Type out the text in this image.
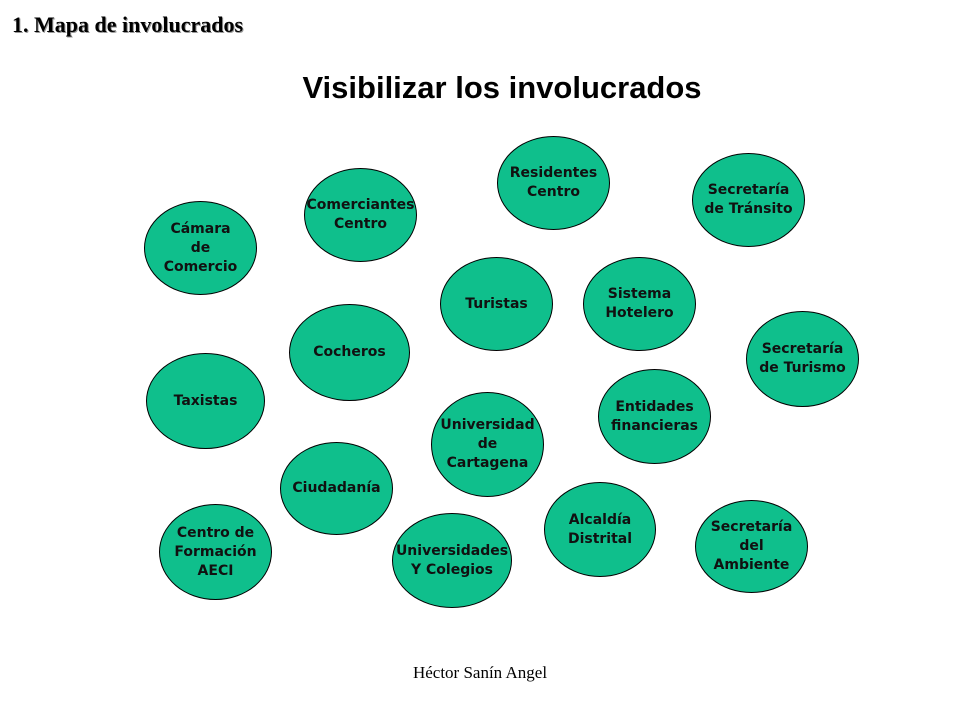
1. Mapa de involucrados
Visibilizar los involucrados
Residentes
Centro	Secretaría
de Tránsito
Comerciantes
Centro
Cámara
de
Comercio
Turistas
Sistema
Hotelero
Cocheros	Secretaría
de Turismo
Taxistas	Entidades
financieras
Universidad
de
Cartagena
Ciudadanía
Alcaldía
Distrital
Secretaría
del
Ambiente
Centro de
Formación
AECI
Universidades
Y Colegios
Héctor Sanín Angel
